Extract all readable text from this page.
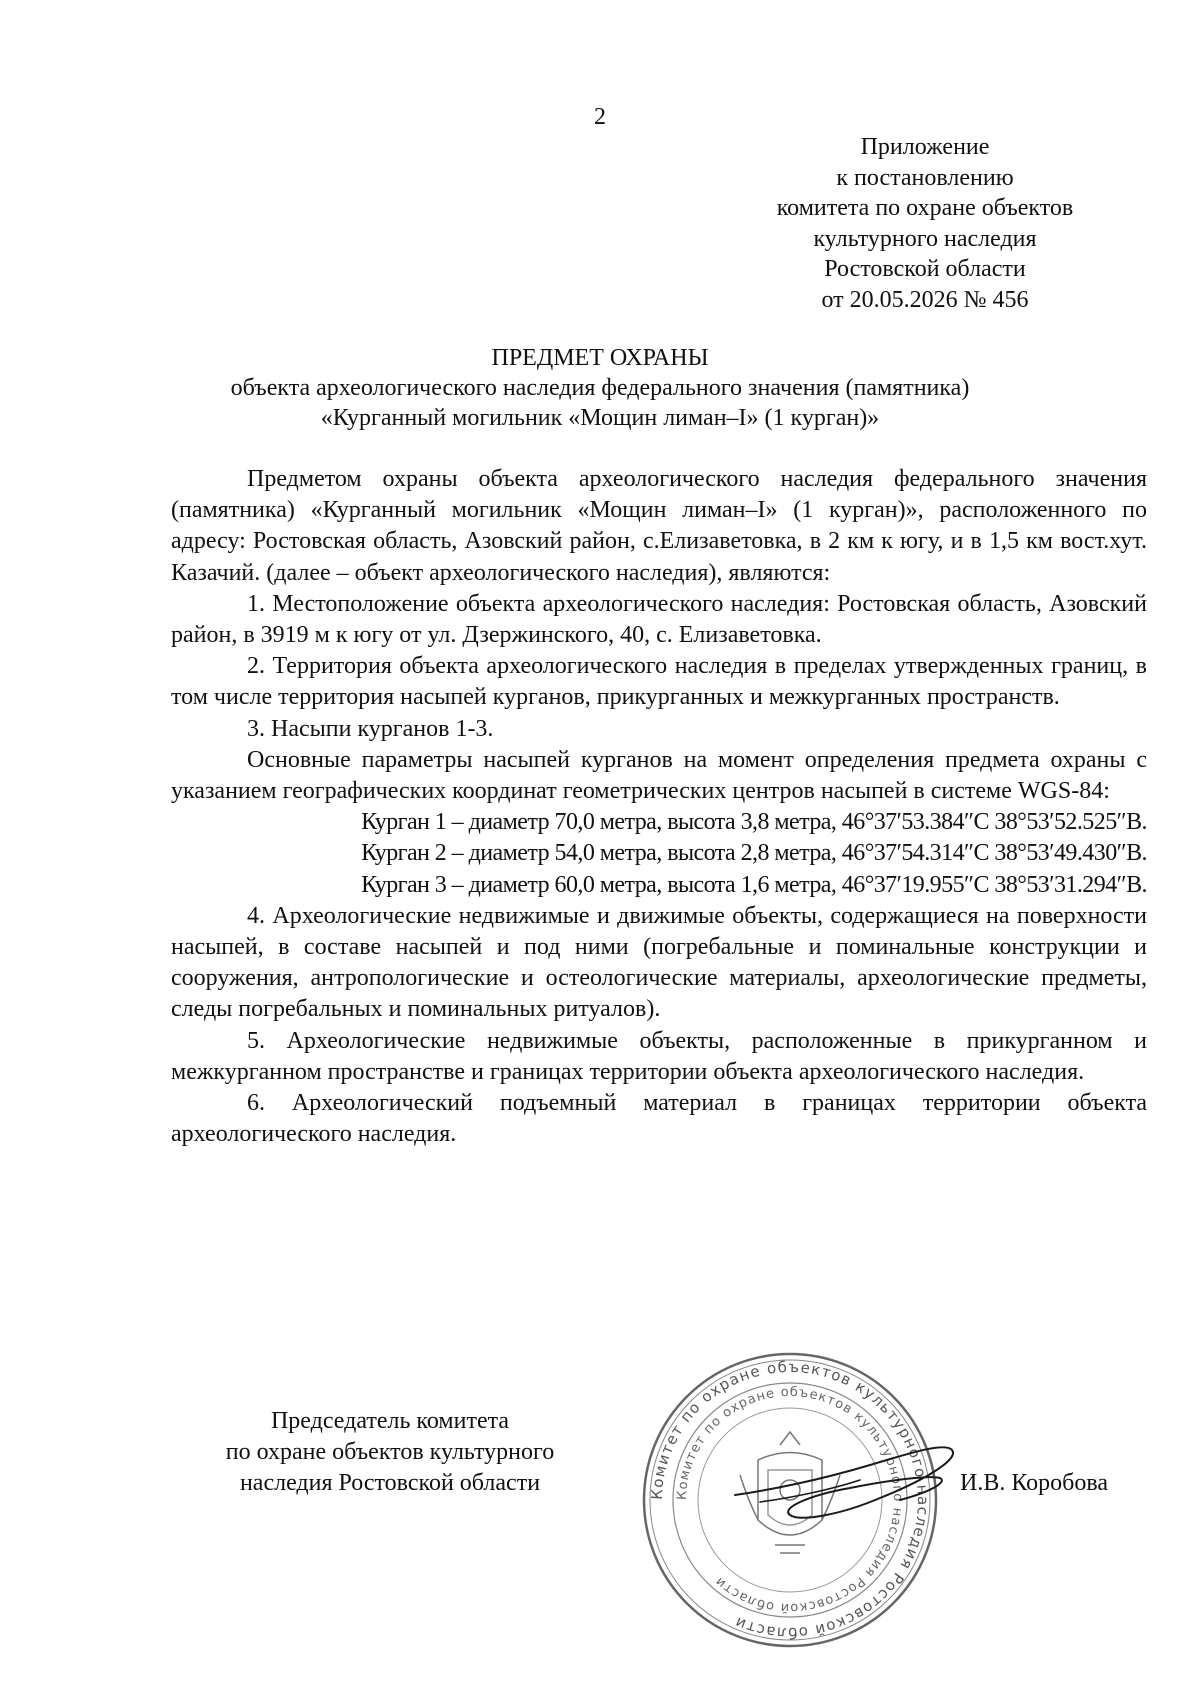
2
Приложение
к постановлению
комитета по охране объектов
культурного наследия
Ростовской области
от 20.05.2026 № 456
ПРЕДМЕТ ОХРАНЫ
объекта археологического наследия федерального значения (памятника)
«Курганный могильник «Мощин лиман–I» (1 курган)»

Предметом охраны объекта археологического наследия федерального значения (памятника) «Курганный могильник «Мощин лиман–I» (1 курган)», расположенного по адресу: Ростовская область, Азовский район, с.Елизаветовка, в 2 км к югу, и в 1,5 км вост.хут. Казачий. (далее – объект археологического наследия), являются:

1. Местоположение объекта археологического наследия: Ростовская область, Азовский район, в 3919 м к югу от ул. Дзержинского, 40, с. Елизаветовка.

2. Территория объекта археологического наследия в пределах утвержденных границ, в том числе территория насыпей курганов, прикурганных и межкурганных пространств.

3. Насыпи курганов 1-3.

Основные параметры насыпей курганов на момент определения предмета охраны с указанием географических координат геометрических центров насыпей в системе WGS-84:

Курган 1 – диаметр 70,0 метра, высота 3,8 метра, 46°37′53.384″С 38°53′52.525″В.

Курган 2 – диаметр 54,0 метра, высота 2,8 метра, 46°37′54.314″С 38°53′49.430″В.

Курган 3 – диаметр 60,0 метра, высота 1,6 метра, 46°37′19.955″С 38°53′31.294″В.

4. Археологические недвижимые и движимые объекты, содержащиеся на поверхности насыпей, в составе насыпей и под ними (погребальные и поминальные конструкции и сооружения, антропологические и остеологические материалы, археологические предметы, следы погребальных и поминальных ритуалов).

5. Археологические недвижимые объекты, расположенные в прикурганном и межкурганном пространстве и границах территории объекта археологического наследия.

6. Археологический подъемный материал в границах территории объекта археологического наследия.

Председатель комитета
по охране объектов культурного
наследия Ростовской области	Комитет по охране объектов культурного наследия Ростовской области
Комитет по охране объектов культурного наследия Ростовской области
И.В. Коробова
